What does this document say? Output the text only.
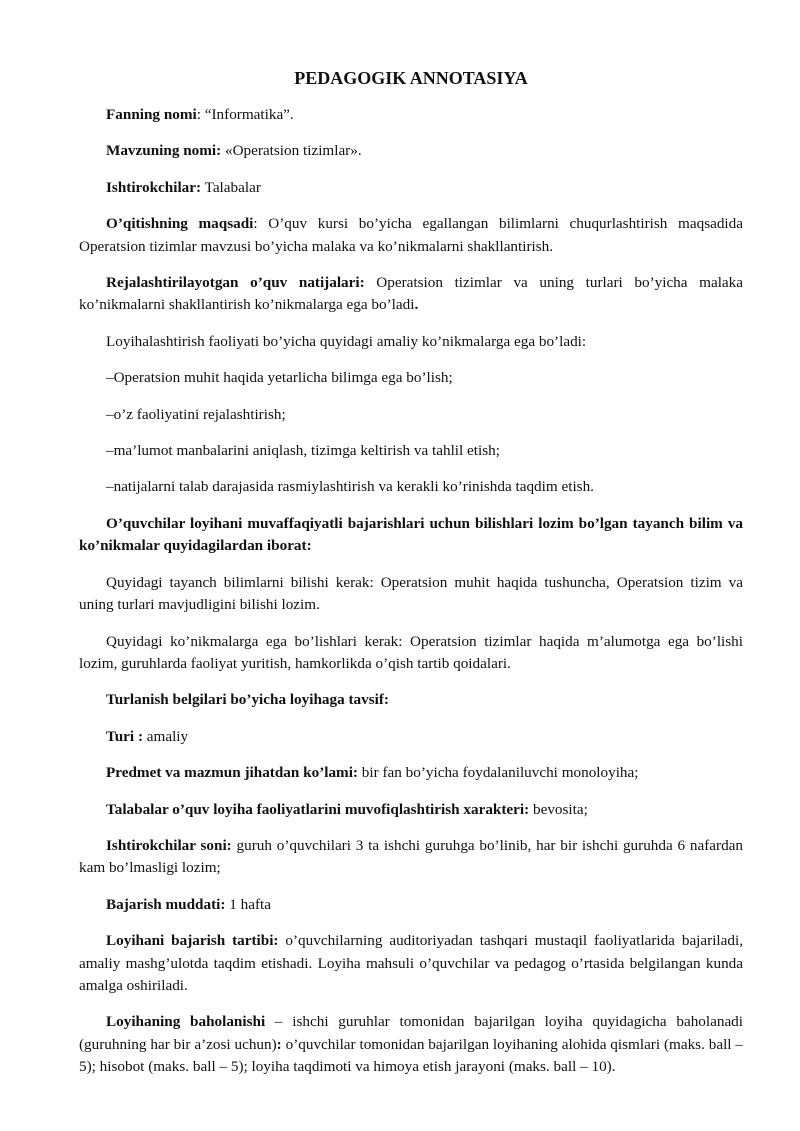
PEDAGOGIK ANNOTASIYA
Fanning nomi: “Informatika”.
Mavzuning nomi: «Operatsion tizimlar».
Ishtirokchilar: Talabalar
O’qitishning maqsadi: O’quv kursi bo’yicha egallangan bilimlarni chuqurlashtirish maqsadida Operatsion tizimlar mavzusi bo’yicha malaka va ko’nikmalarni shakllantirish.
Rejalashtirilayotgan o’quv natijalari: Operatsion tizimlar va uning turlari bo’yicha malaka ko’nikmalarni shakllantirish ko’nikmalarga ega bo’ladi.
Loyihalashtirish faoliyati bo’yicha quyidagi amaliy ko’nikmalarga ega bo’ladi:
–Operatsion muhit haqida yetarlicha bilimga ega bo’lish;
–o’z faoliyatini rejalashtirish;
–ma’lumot manbalarini aniqlash, tizimga keltirish va tahlil etish;
–natijalarni talab darajasida rasmiylashtirish va kerakli ko’rinishda taqdim etish.
O’quvchilar loyihani muvaffaqiyatli bajarishlari uchun bilishlari lozim bo’lgan tayanch bilim va ko’nikmalar quyidagilardan iborat:
Quyidagi tayanch bilimlarni bilishi kerak: Operatsion muhit haqida tushuncha, Operatsion tizim va uning turlari mavjudligini bilishi lozim.
Quyidagi ko’nikmalarga ega bo’lishlari kerak: Operatsion tizimlar haqida m’alumotga ega bo’lishi lozim, guruhlarda faoliyat yuritish, hamkorlikda o’qish tartib qoidalari.
Turlanish belgilari bo’yicha loyihaga tavsif:
Turi : amaliy
Predmet va mazmun jihatdan ko’lami: bir fan bo’yicha foydalaniluvchi monoloyiha;
Talabalar o’quv loyiha faoliyatlarini muvofiqlashtirish xarakteri: bevosita;
Ishtirokchilar soni: guruh o’quvchilari 3 ta ishchi guruhga bo’linib, har bir ishchi guruhda 6 nafardan kam bo’lmasligi lozim;
Bajarish muddati: 1 hafta
Loyihani bajarish tartibi: o’quvchilarning auditoriyadan tashqari mustaqil faoliyatlarida bajariladi, amaliy mashg’ulotda taqdim etishadi. Loyiha mahsuli o’quvchilar va pedagog o’rtasida belgilangan kunda amalga oshiriladi.
Loyihaning baholanishi – ishchi guruhlar tomonidan bajarilgan loyiha quyidagicha baholanadi (guruhning har bir a’zosi uchun): o’quvchilar tomonidan bajarilgan loyihaning alohida qismlari (maks. ball – 5); hisobot (maks. ball – 5); loyiha taqdimoti va himoya etish jarayoni (maks. ball – 10).
